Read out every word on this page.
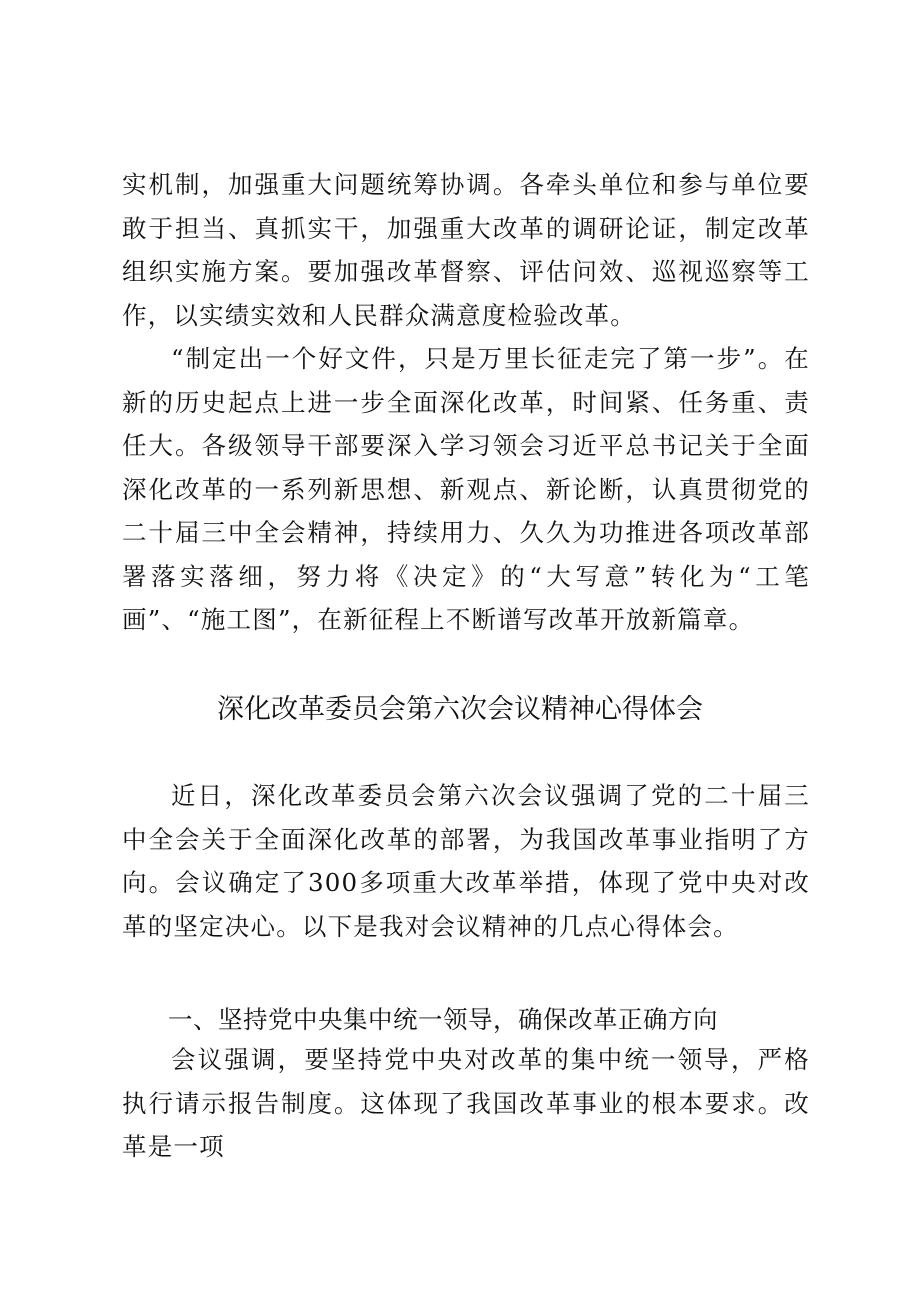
实机制，加强重大问题统筹协调。各牵头单位和参与单位要敢于担当、真抓实干，加强重大改革的调研论证，制定改革组织实施方案。要加强改革督察、评估问效、巡视巡察等工作，以实绩实效和人民群众满意度检验改革。

“制定出一个好文件，只是万里长征走完了第一步”。在新的历史起点上进一步全面深化改革，时间紧、任务重、责任大。各级领导干部要深入学习领会习近平总书记关于全面深化改革的一系列新思想、新观点、新论断，认真贯彻党的二十届三中全会精神，持续用力、久久为功推进各项改革部署落实落细，努力将《决定》的“大写意”转化为“工笔画”、“施工图”，在新征程上不断谱写改革开放新篇章。

深化改革委员会第六次会议精神心得体会

近日，深化改革委员会第六次会议强调了党的二十届三中全会关于全面深化改革的部署，为我国改革事业指明了方向。会议确定了300多项重大改革举措，体现了党中央对改革的坚定决心。以下是我对会议精神的几点心得体会。

一、坚持党中央集中统一领导，确保改革正确方向

会议强调，要坚持党中央对改革的集中统一领导，严格执行请示报告制度。这体现了我国改革事业的根本要求。改革是一项
